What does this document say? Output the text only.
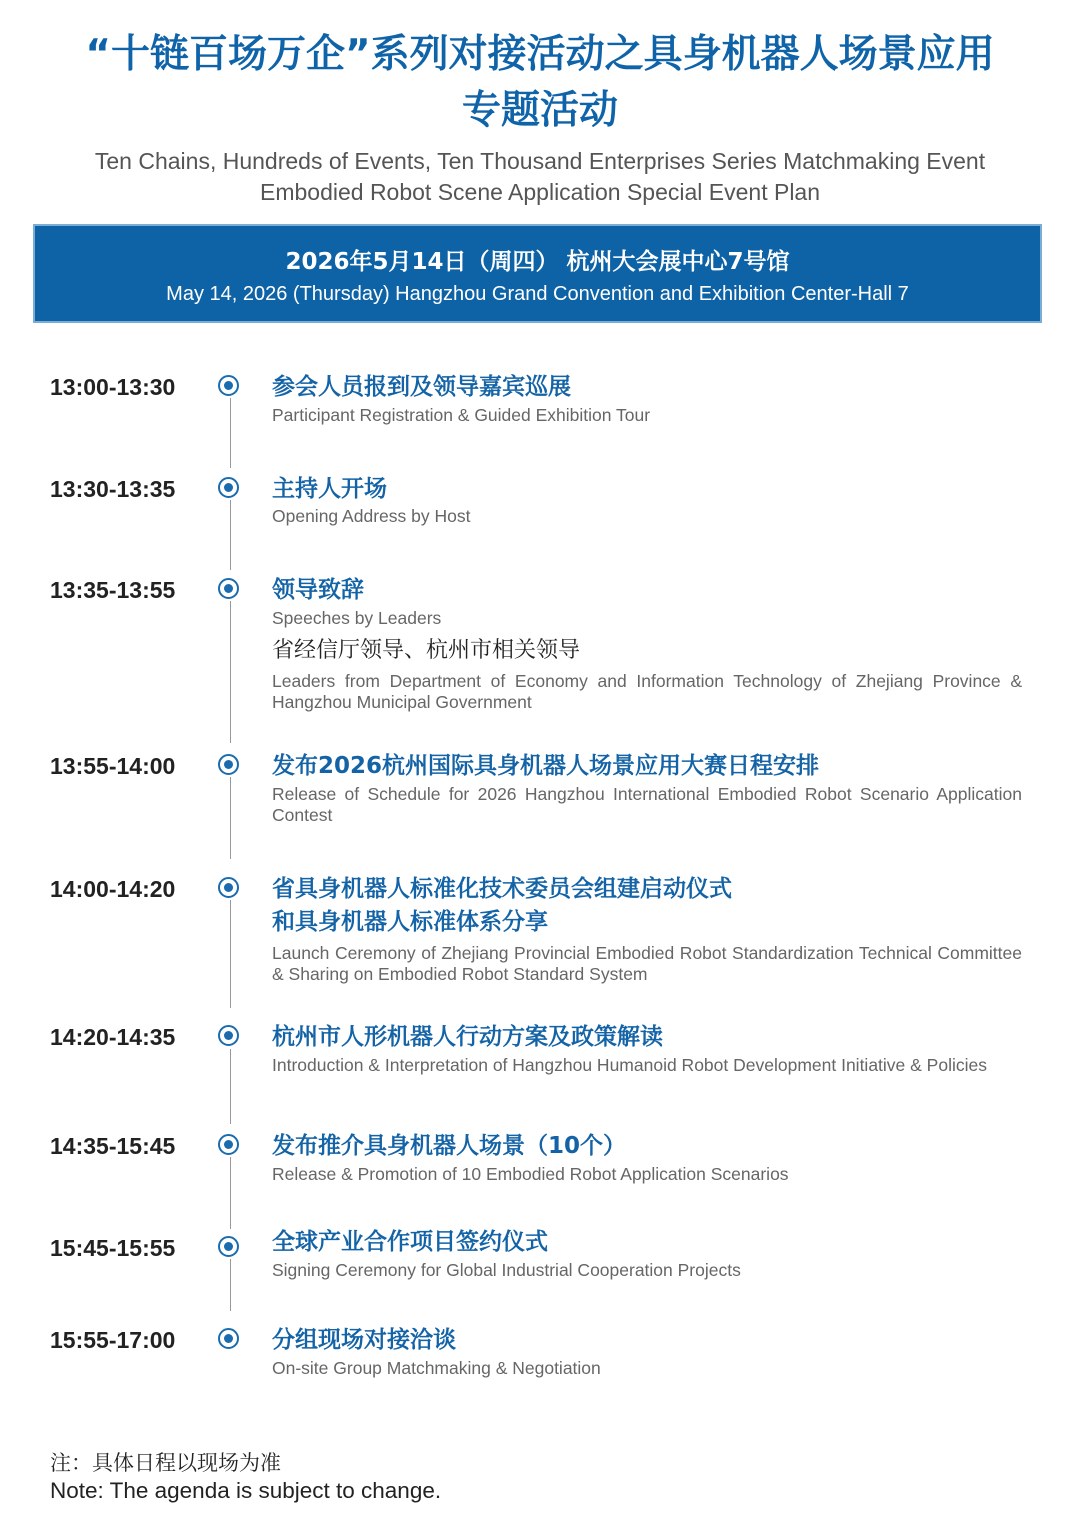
“十链百场万企”系列对接活动之具身机器人场景应用
专题活动
Ten Chains, Hundreds of Events, Ten Thousand Enterprises Series Matchmaking Event
Embodied Robot Scene Application Special Event Plan
2026年5月14日（周四） 杭州大会展中心7号馆
May 14, 2026 (Thursday) Hangzhou Grand Convention and Exhibition Center-Hall 7
13:00-13:30	参会人员报到及领导嘉宾巡展
Participant Registration & Guided Exhibition Tour
13:30-13:35	主持人开场
Opening Address by Host
13:35-13:55	领导致辞
Speeches by Leaders
省经信厅领导、杭州市相关领导
Leaders from Department of Economy and Information Technology of Zhejiang Province & Hangzhou Municipal Government
13:55-14:00	发布2026杭州国际具身机器人场景应用大赛日程安排
Release of Schedule for 2026 Hangzhou International Embodied Robot Scenario Application Contest
14:00-14:20	省具身机器人标准化技术委员会组建启动仪式
和具身机器人标准体系分享
Launch Ceremony of Zhejiang Provincial Embodied Robot Standardization Technical Committee & Sharing on Embodied Robot Standard System
14:20-14:35	杭州市人形机器人行动方案及政策解读
Introduction & Interpretation of Hangzhou Humanoid Robot Development Initiative & Policies
14:35-15:45	发布推介具身机器人场景（10个）
Release & Promotion of 10 Embodied Robot Application Scenarios
15:45-15:55	全球产业合作项目签约仪式
Signing Ceremony for Global Industrial Cooperation Projects
15:55-17:00	分组现场对接洽谈
On-site Group Matchmaking & Negotiation
注：具体日程以现场为准
Note: The agenda is subject to change.
